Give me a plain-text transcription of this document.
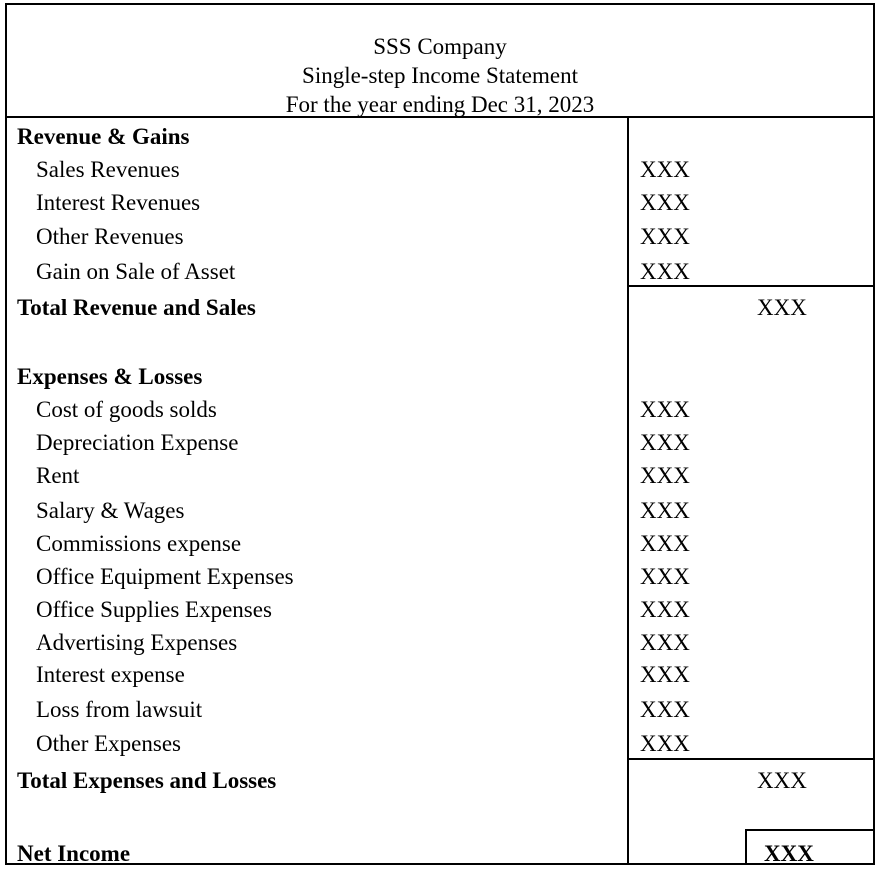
SSS Company
Single-step Income Statement
For the year ending Dec 31, 2023
Revenue & Gains
Sales Revenues	XXX
Interest Revenues	XXX
Other Revenues	XXX
Gain on Sale of Asset	XXX
Total Revenue and Sales	XXX
Expenses & Losses
Cost of goods solds	XXX
Depreciation Expense	XXX
Rent	XXX
Salary & Wages	XXX
Commissions expense	XXX
Office Equipment Expenses	XXX
Office Supplies Expenses	XXX
Advertising Expenses	XXX
Interest expense	XXX
Loss from lawsuit	XXX
Other Expenses	XXX
Total Expenses and Losses	XXX
Net Income	XXX
